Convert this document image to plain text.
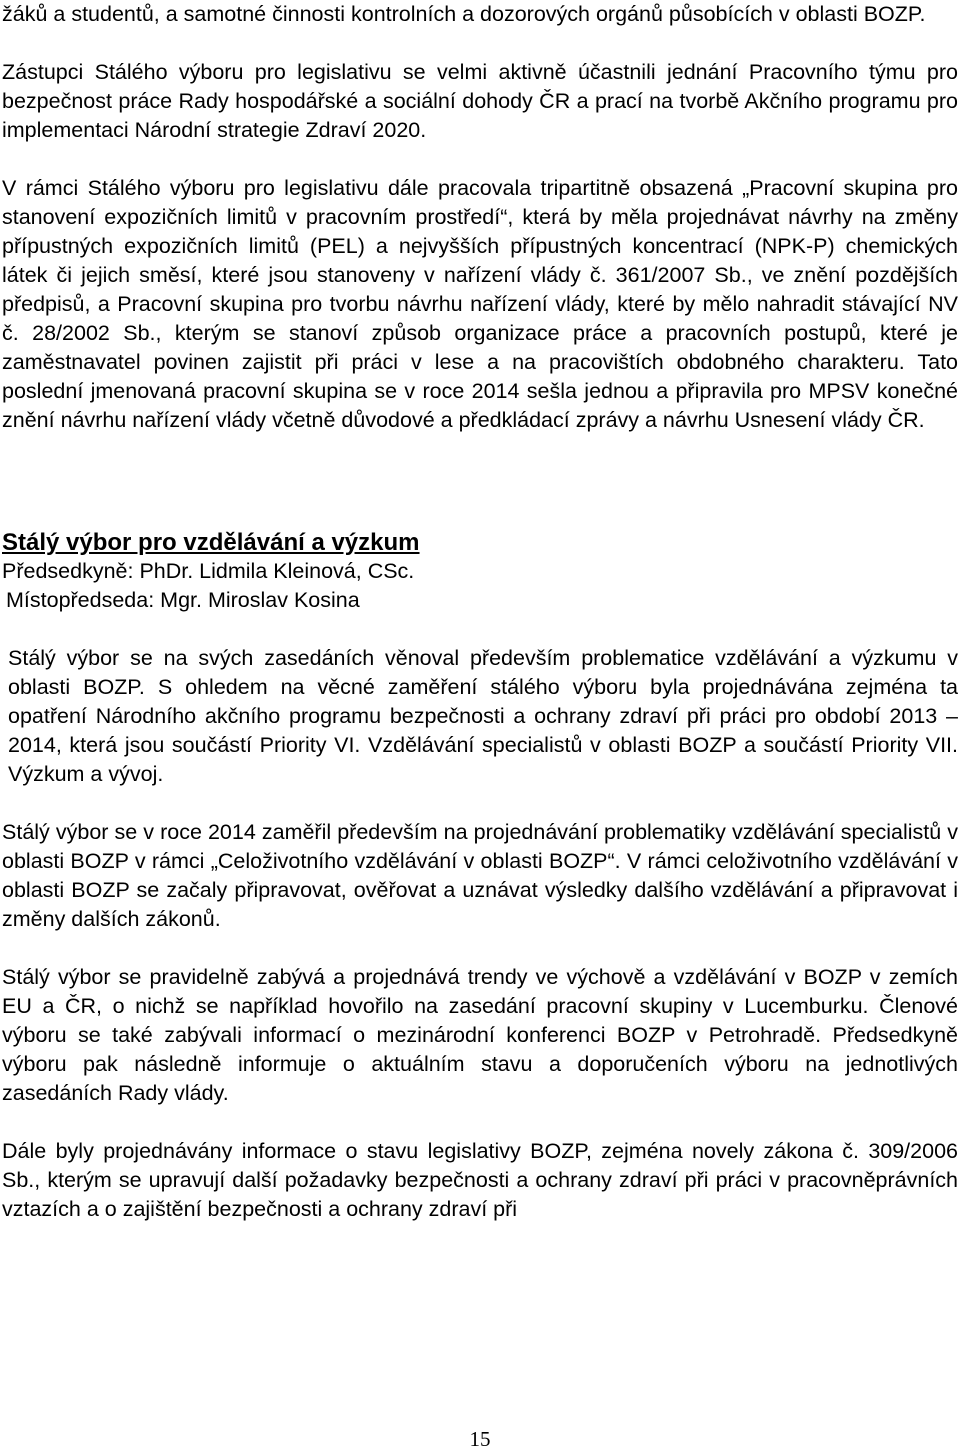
žáků a studentů, a samotné činnosti kontrolních a dozorových orgánů působících v oblasti BOZP.

Zástupci Stálého výboru pro legislativu se velmi aktivně účastnili jednání Pracovního týmu pro bezpečnost práce Rady hospodářské a sociální dohody ČR a prací na tvorbě Akčního programu pro implementaci Národní strategie Zdraví 2020.

V rámci Stálého výboru pro legislativu dále pracovala tripartitně obsazená „Pracovní skupina pro stanovení expozičních limitů v pracovním prostředí“, která by měla projednávat návrhy na změny přípustných expozičních limitů (PEL) a nejvyšších přípustných koncentrací (NPK-P) chemických látek či jejich směsí, které jsou stanoveny v nařízení vlády č. 361/2007 Sb., ve znění pozdějších předpisů, a Pracovní skupina pro tvorbu návrhu nařízení vlády, které by mělo nahradit stávající NV č. 28/2002 Sb., kterým se stanoví způsob organizace práce a pracovních postupů, které je zaměstnavatel povinen zajistit při práci v lese a na pracovištích obdobného charakteru. Tato poslední jmenovaná pracovní skupina se v roce 2014 sešla jednou a připravila pro MPSV konečné znění návrhu nařízení vlády včetně důvodové a předkládací zprávy a návrhu Usnesení vlády ČR.

Stálý výbor pro vzdělávání a výzkum

Předsedkyně: PhDr. Lidmila Kleinová, CSc.

Místopředseda: Mgr. Miroslav Kosina

Stálý výbor se na svých zasedáních věnoval především problematice vzdělávání a výzkumu v oblasti BOZP. S ohledem na věcné zaměření stálého výboru byla projednávána zejména ta opatření Národního akčního programu bezpečnosti a ochrany zdraví při práci pro období 2013 – 2014, která jsou součástí Priority VI. Vzdělávání specialistů v oblasti BOZP a součástí Priority VII. Výzkum a vývoj.

Stálý výbor se v roce 2014 zaměřil především na projednávání problematiky vzdělávání specialistů v oblasti BOZP v rámci „Celoživotního vzdělávání v oblasti BOZP“. V rámci celoživotního vzdělávání v oblasti BOZP se začaly připravovat, ověřovat a uznávat výsledky dalšího vzdělávání a připravovat i změny dalších zákonů.

Stálý výbor se pravidelně zabývá a projednává trendy ve výchově a vzdělávání v BOZP v zemích EU a ČR, o nichž se například hovořilo na zasedání pracovní skupiny v Lucemburku. Členové výboru se také zabývali informací o mezinárodní konferenci BOZP v Petrohradě. Předsedkyně výboru pak následně informuje o aktuálním stavu a doporučeních výboru na jednotlivých zasedáních Rady vlády.

Dále byly projednávány informace o stavu legislativy BOZP, zejména novely zákona č. 309/2006 Sb., kterým se upravují další požadavky bezpečnosti a ochrany zdraví při práci v pracovněprávních vztazích a o zajištění bezpečnosti a ochrany zdraví při

15
